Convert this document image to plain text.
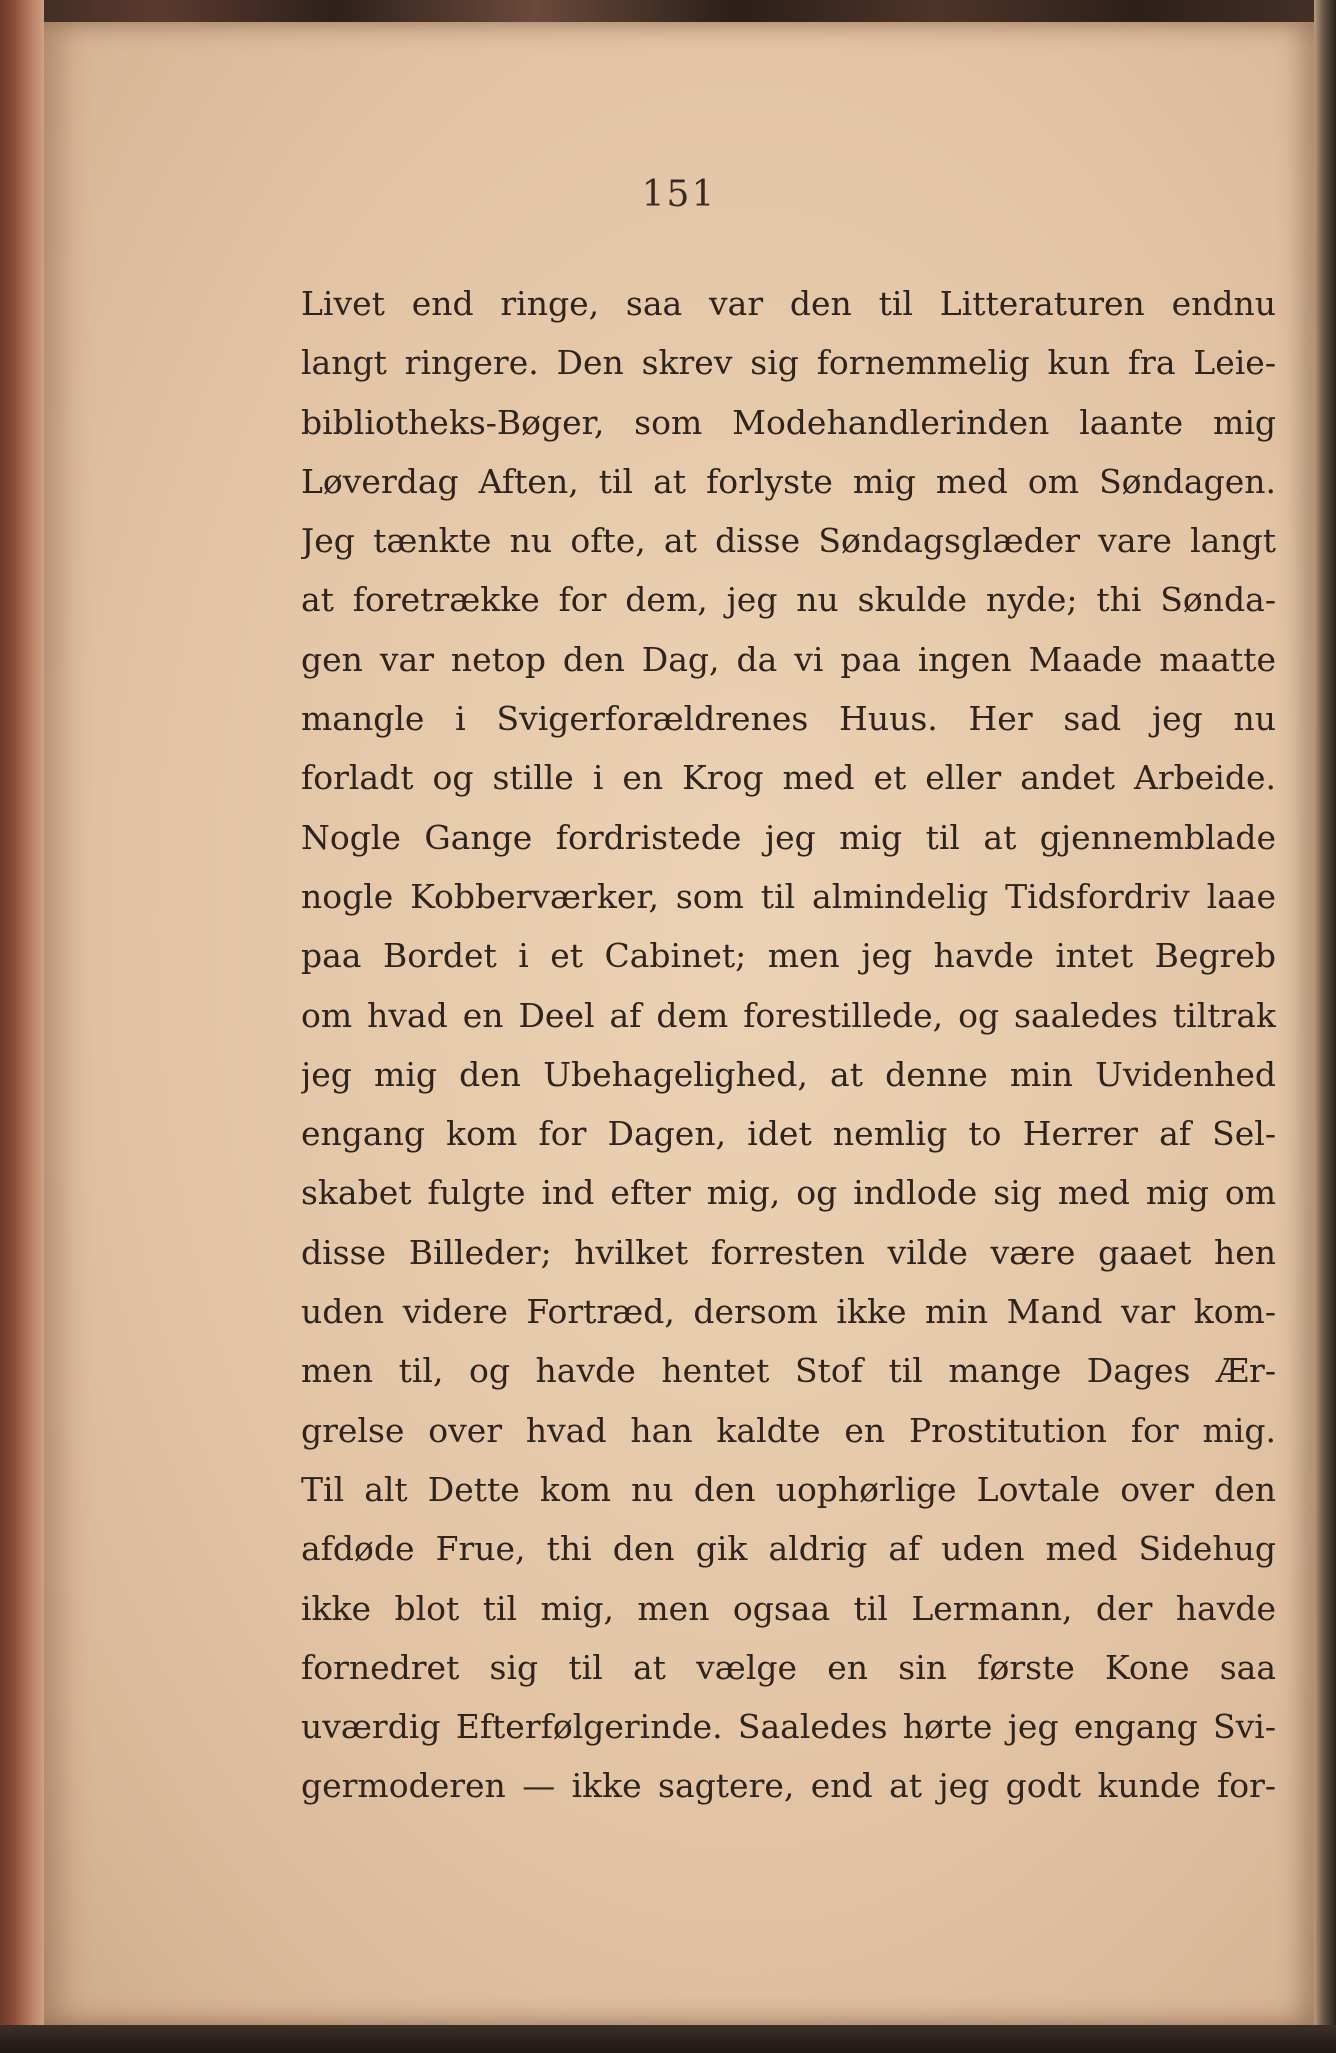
151
Livet end ringe, saa var den til Litteraturen endnu
langt ringere. Den skrev sig fornemmelig kun fra Leie-
bibliotheks-Bøger, som Modehandlerinden laante mig
Løverdag Aften, til at forlyste mig med om Søndagen.
Jeg tænkte nu ofte, at disse Søndagsglæder vare langt
at foretrække for dem, jeg nu skulde nyde; thi Sønda-
gen var netop den Dag, da vi paa ingen Maade maatte
mangle i Svigerforældrenes Huus. Her sad jeg nu
forladt og stille i en Krog med et eller andet Arbeide.
Nogle Gange fordristede jeg mig til at gjennemblade
nogle Kobberværker, som til almindelig Tidsfordriv laae
paa Bordet i et Cabinet; men jeg havde intet Begreb
om hvad en Deel af dem forestillede, og saaledes tiltrak
jeg mig den Ubehagelighed, at denne min Uvidenhed
engang kom for Dagen, idet nemlig to Herrer af Sel-
skabet fulgte ind efter mig, og indlode sig med mig om
disse Billeder; hvilket forresten vilde være gaaet hen
uden videre Fortræd, dersom ikke min Mand var kom-
men til, og havde hentet Stof til mange Dages Ær-
grelse over hvad han kaldte en Prostitution for mig.
Til alt Dette kom nu den uophørlige Lovtale over den
afdøde Frue, thi den gik aldrig af uden med Sidehug
ikke blot til mig, men ogsaa til Lermann, der havde
fornedret sig til at vælge en sin første Kone saa
uværdig Efterfølgerinde. Saaledes hørte jeg engang Svi-
germoderen — ikke sagtere, end at jeg godt kunde for-
